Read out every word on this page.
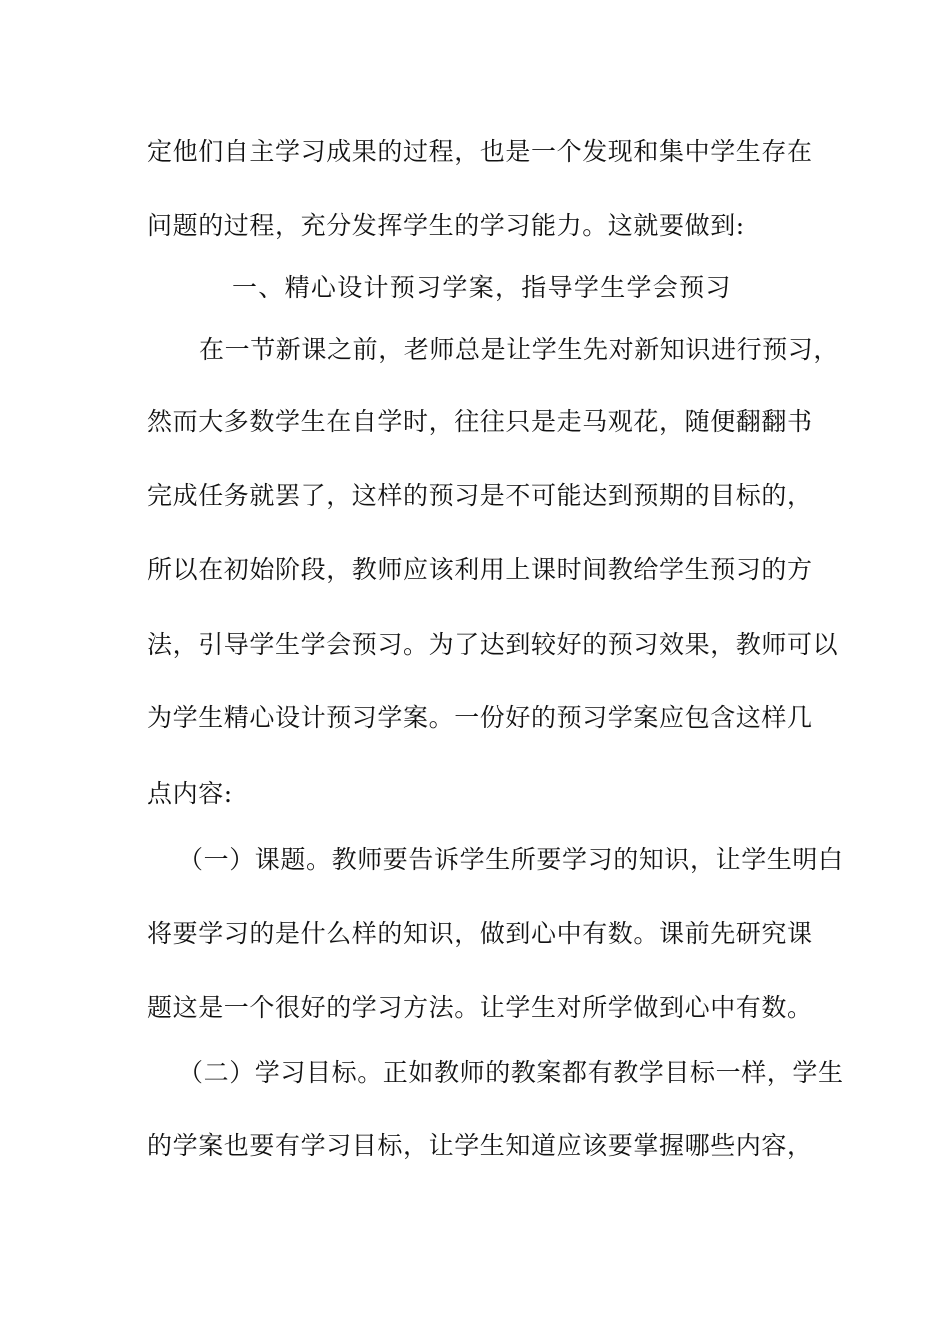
定他们自主学习成果的过程，也是一个发现和集中学生存在
问题的过程，充分发挥学生的学习能力。这就要做到:
一、精心设计预习学案，指导学生学会预习
在一节新课之前，老师总是让学生先对新知识进行预习，
然而大多数学生在自学时，往往只是走马观花，随便翻翻书
完成任务就罢了，这样的预习是不可能达到预期的目标的，
所以在初始阶段，教师应该利用上课时间教给学生预习的方
法，引导学生学会预习。为了达到较好的预习效果，教师可以
为学生精心设计预习学案。一份好的预习学案应包含这样几
点内容:
（一）课题。教师要告诉学生所要学习的知识，让学生明白
将要学习的是什么样的知识，做到心中有数。课前先研究课
题这是一个很好的学习方法。让学生对所学做到心中有数。
（二）学习目标。正如教师的教案都有教学目标一样，学生
的学案也要有学习目标，让学生知道应该要掌握哪些内容，
